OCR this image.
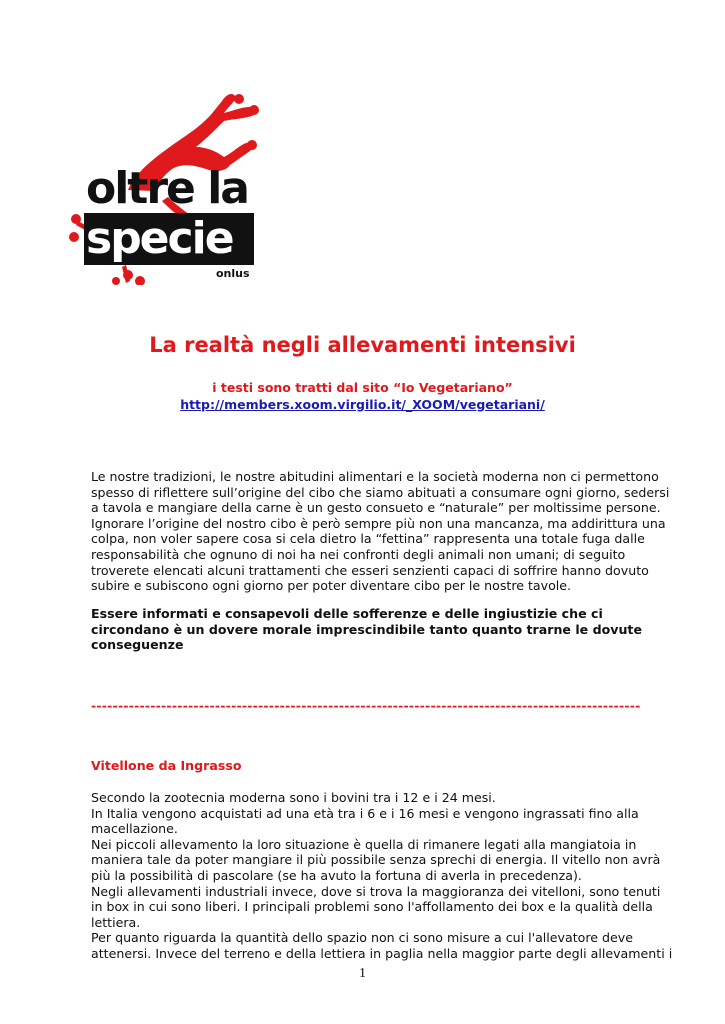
oltre la
specie
onlus
La realtà negli allevamenti intensivi
i testi sono tratti dal sito “Io Vegetariano”
http://members.xoom.virgilio.it/_XOOM/vegetariani/
Le nostre tradizioni, le nostre abitudini alimentari e la società moderna non ci permettono
spesso di riflettere sull’origine del cibo che siamo abituati a consumare ogni giorno, sedersi
a tavola e mangiare della carne è un gesto consueto e “naturale” per moltissime persone.
Ignorare l’origine del nostro cibo è però sempre più non una mancanza, ma addirittura una
colpa, non voler sapere cosa si cela dietro la “fettina” rappresenta una totale fuga dalle
responsabilità che ognuno di noi ha nei confronti degli animali non umani; di seguito
troverete elencati alcuni trattamenti che esseri senzienti capaci di soffrire hanno dovuto
subire e subiscono ogni giorno per poter diventare cibo per le nostre tavole.
Essere informati e consapevoli delle sofferenze e delle ingiustizie che ci
circondano è un dovere morale imprescindibile tanto quanto trarne le dovute
conseguenze
------------------------------------------------------------------------------------------------------
Vitellone da Ingrasso
Secondo la zootecnia moderna sono i bovini tra i 12 e i 24 mesi.
In Italia vengono acquistati ad una età tra i 6 e i 16 mesi e vengono ingrassati fino alla
macellazione.
Nei piccoli allevamento la loro situazione è quella di rimanere legati alla mangiatoia in
maniera tale da poter mangiare il più possibile senza sprechi di energia. Il vitello non avrà
più la possibilità di pascolare (se ha avuto la fortuna di averla in precedenza).
Negli allevamenti industriali invece, dove si trova la maggioranza dei vitelloni, sono tenuti
in box in cui sono liberi. I principali problemi sono l'affollamento dei box e la qualità della
lettiera.
Per quanto riguarda la quantità dello spazio non ci sono misure a cui l'allevatore deve
attenersi. Invece del terreno e della lettiera in paglia nella maggior parte degli allevamenti i
1
